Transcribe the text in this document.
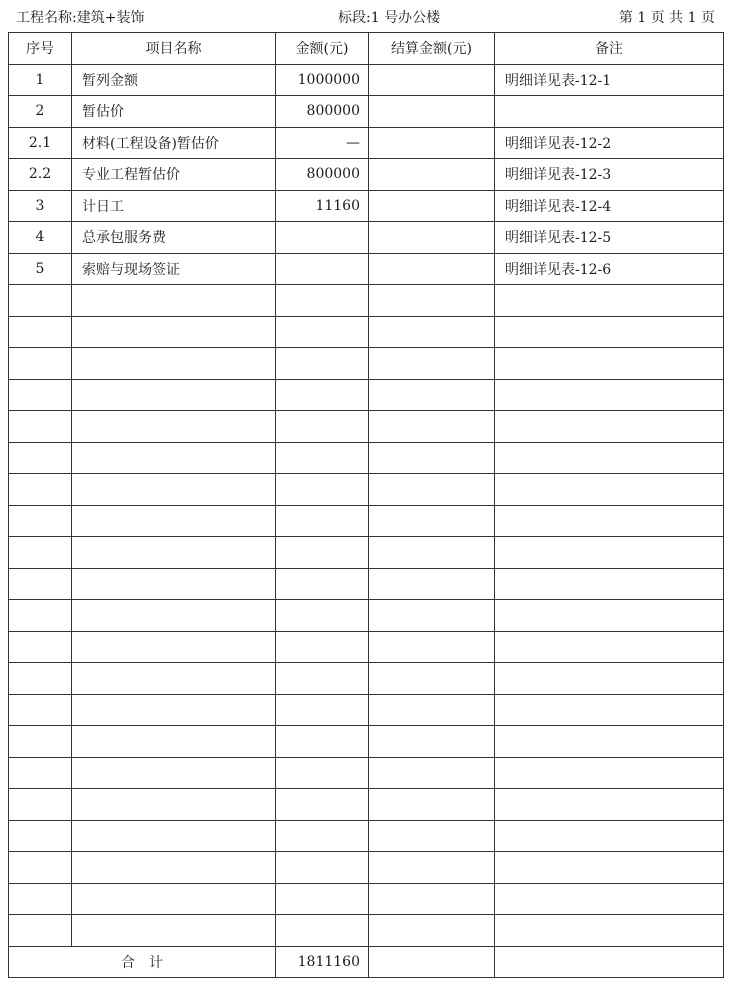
工程名称:建筑+装饰	标段:1 号办公楼	第 1 页 共 1 页
序号	项目名称	金额(元)	结算金额(元)	备注
1	暂列金额	1000000		明细详见表-12-1
2	暂估价	800000		
2.1	材料(工程设备)暂估价	—		明细详见表-12-2
2.2	专业工程暂估价	800000		明细详见表-12-3
3	计日工	11160		明细详见表-12-4
4	总承包服务费			明细详见表-12-5
5	索赔与现场签证			明细详见表-12-6

合　计		1811160		
